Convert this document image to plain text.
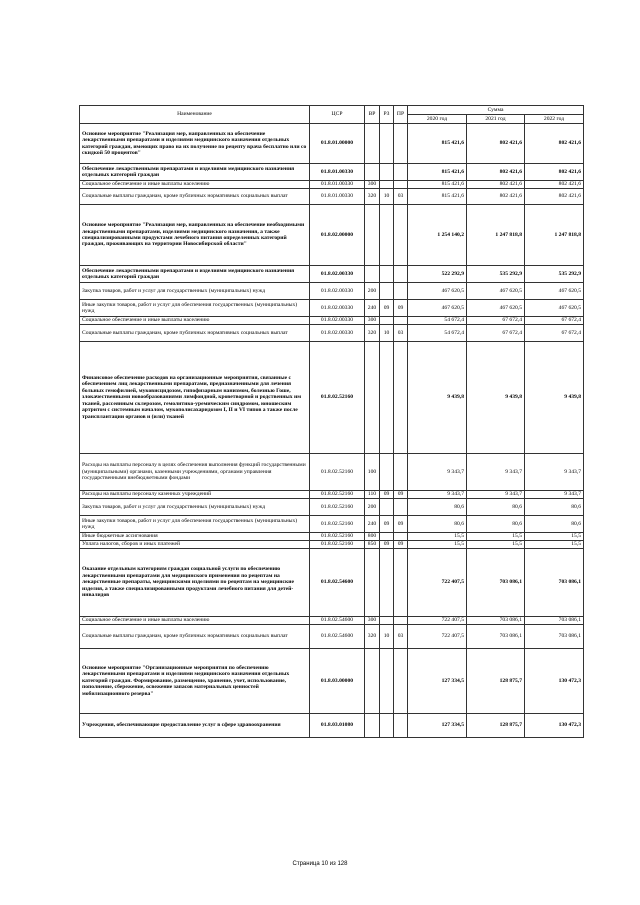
Наименование	ЦСР	ВР	РЗ	ПР	Сумма		
					2020 год	2021 год	2022 год
Основное мероприятие "Реализация мер, направленных на обеспечение лекарственными препаратами и изделиями медицинского назначения отдельных категорий граждан, имеющих право на их получение по рецепту врача бесплатно или со скидкой 50 процентов"	01.8.01.00000				815 421,6	802 421,6	802 421,6
Обеспечение лекарственными препаратами и изделиями медицинского назначения отдельных категорий граждан	01.8.01.00330				815 421,6	802 421,6	802 421,6
Социальное обеспечение и иные выплаты населению	01.8.01.00330	300			815 421,6	802 421,6	802 421,6
Социальные выплаты гражданам, кроме публичных нормативных социальных выплат	01.8.01.00330	320	10	03	815 421,6	802 421,6	802 421,6
Основное мероприятие "Реализация мер, направленных на обеспечение необходимыми лекарственными препаратами, изделиями медицинского назначения, а также специализированными продуктами лечебного питания определенных категорий граждан, проживающих на территории Новосибирской области"	01.8.02.00000				1 254 140,2	1 247 818,8	1 247 818,8
Обеспечение лекарственными препаратами и изделиями медицинского назначения отдельных категорий граждан	01.8.02.00330				522 292,9	535 292,9	535 292,9
Закупка товаров, работ и услуг для государственных (муниципальных) нужд	01.8.02.00330	200			467 620,5	467 620,5	467 620,5
Иные закупки товаров, работ и услуг для обеспечения государственных (муниципальных) нужд	01.8.02.00330	240	09	09	467 620,5	467 620,5	467 620,5
Социальное обеспечение и иные выплаты населению	01.8.02.00330	300			54 672,4	67 672,4	67 672,4
Социальные выплаты гражданам, кроме публичных нормативных социальных выплат	01.8.02.00330	320	10	03	54 672,4	67 672,4	67 672,4
Финансовое обеспечение расходов на организационные мероприятия, связанные с обеспечением лиц лекарственными препаратами, предназначенными для лечения больных гемофилией, муковисцидозом, гипофизарным нанизмом, болезнью Гоше, злокачественными новообразованиями лимфоидной, кроветворной и родственных им тканей, рассеянным склерозом, гемолитико-уремическим синдромом, юношеским артритом с системным началом, мукополисахаридозом I, II и VI типов а также после трансплантации органов и (или) тканей	01.8.02.52160				9 439,8	9 439,8	9 439,8
Расходы на выплаты персоналу в целях обеспечения выполнения функций государственными (муниципальными) органами, казенными учреждениями, органами управления государственными внебюджетными фондами	01.8.02.52160	100			9 343,7	9 343,7	9 343,7
Расходы на выплаты персоналу казенных учреждений	01.8.02.52160	110	09	09	9 343,7	9 343,7	9 343,7
Закупка товаров, работ и услуг для государственных (муниципальных) нужд	01.8.02.52160	200			80,6	80,6	80,6
Иные закупки товаров, работ и услуг для обеспечения государственных (муниципальных) нужд	01.8.02.52160	240	09	09	80,6	80,6	80,6
Иные бюджетные ассигнования	01.8.02.52160	800			15,5	15,5	15,5
Уплата налогов, сборов и иных платежей	01.8.02.52160	850	09	09	15,5	15,5	15,5
Оказание отдельным категориям граждан социальной услуги по обеспечению лекарственными препаратами для медицинского применения по рецептам на лекарственные препараты, медицинскими изделиями по рецептам на медицинские изделия, а также специализированными продуктами лечебного питания для детей-инвалидов	01.8.02.54600				722 407,5	703 086,1	703 086,1
Социальное обеспечение и иные выплаты населению	01.8.02.54600	300			722 407,5	703 086,1	703 086,1
Социальные выплаты гражданам, кроме публичных нормативных социальных выплат	01.8.02.54600	320	10	03	722 407,5	703 086,1	703 086,1
Основное мероприятие "Организационные мероприятия по обеспечению лекарственными препаратами и изделиями медицинского назначения отдельных категорий граждан. Формирование, размещение, хранение, учет, использование, пополнение, сбережение, освежение запасов материальных ценностей мобилизационного резерва"	01.8.03.00000				127 334,5	128 875,7	130 472,3
Учреждения, обеспечивающие предоставление услуг в сфере здравоохранения	01.8.03.01080				127 334,5	128 875,7	130 472,3
Страница 10 из 128
